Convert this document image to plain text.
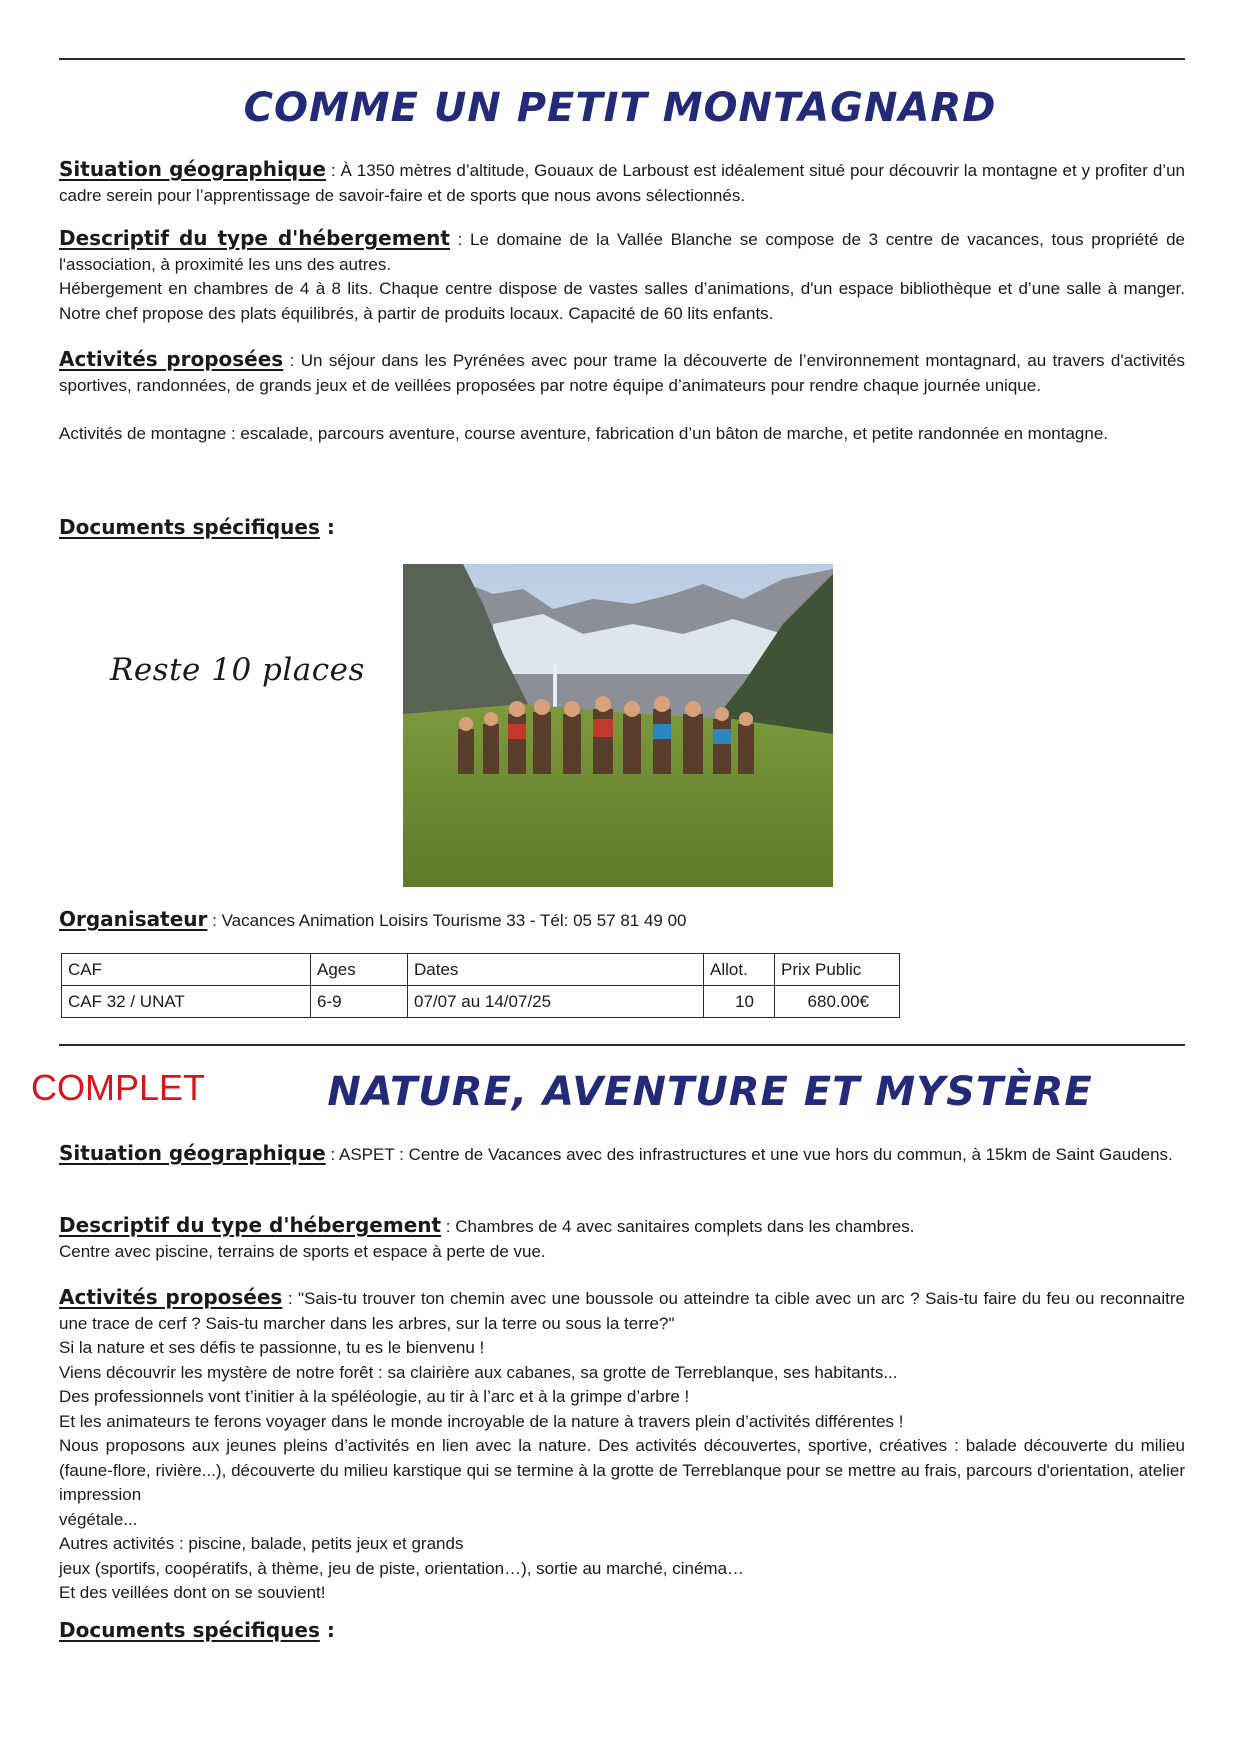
COMME UN PETIT MONTAGNARD

Situation géographique : À 1350 mètres d’altitude, Gouaux de Larboust est idéalement situé pour découvrir la montagne et y profiter d’un cadre serein pour l’apprentissage de savoir-faire et de sports que nous avons sélectionnés.

Descriptif du type d'hébergement : Le domaine de la Vallée Blanche se compose de 3 centre de vacances, tous propriété de l'association, à proximité les uns des autres.

Hébergement en chambres de 4 à 8 lits. Chaque centre dispose de vastes salles d’animations, d'un espace bibliothèque et d’une salle à manger. Notre chef propose des plats équilibrés, à partir de produits locaux. Capacité de 60 lits enfants.

Activités proposées : Un séjour dans les Pyrénées avec pour trame la découverte de l’environnement montagnard, au travers d'activités sportives, randonnées, de grands jeux et de veillées proposées par notre équipe d’animateurs pour rendre chaque journée unique.

Activités de montagne : escalade, parcours aventure, course aventure, fabrication d’un bâton de marche, et petite randonnée en montagne.

Documents spécifiques :

Reste 10 places

Organisateur : Vacances Animation Loisirs Tourisme 33 - Tél: 05 57 81 49 00

CAF	Ages	Dates	Allot.	Prix Public
CAF 32 / UNAT	6-9	07/07 au 14/07/25	10	680.00€
COMPLET	NATURE, AVENTURE ET MYSTÈRE

Situation géographique : ASPET : Centre de Vacances avec des infrastructures et une vue hors du commun, à 15km de Saint Gaudens.

Descriptif du type d'hébergement : Chambres de 4 avec sanitaires complets dans les chambres.

Centre avec piscine, terrains de sports et espace à perte de vue.

Activités proposées : "Sais-tu trouver ton chemin avec une boussole ou atteindre ta cible avec un arc ? Sais-tu faire du feu ou reconnaitre une trace de cerf ? Sais-tu marcher dans les arbres, sur la terre ou sous la terre?"

Si la nature et ses défis te passionne, tu es le bienvenu !

Viens découvrir les mystère de notre forêt : sa clairière aux cabanes, sa grotte de Terreblanque, ses habitants...

Des professionnels vont t’initier à la spéléologie, au tir à l’arc et à la grimpe d’arbre !

Et les animateurs te ferons voyager dans le monde incroyable de la nature à travers plein d’activités différentes !

Nous proposons aux jeunes pleins d’activités en lien avec la nature. Des activités découvertes, sportive, créatives : balade découverte du milieu (faune-flore, rivière...), découverte du milieu karstique qui se termine à la grotte de Terreblanque pour se mettre au frais, parcours d'orientation, atelier impression

végétale...

Autres activités : piscine, balade, petits jeux et grands

jeux (sportifs, coopératifs, à thème, jeu de piste, orientation…), sortie au marché, cinéma…

Et des veillées dont on se souvient!

Documents spécifiques :
